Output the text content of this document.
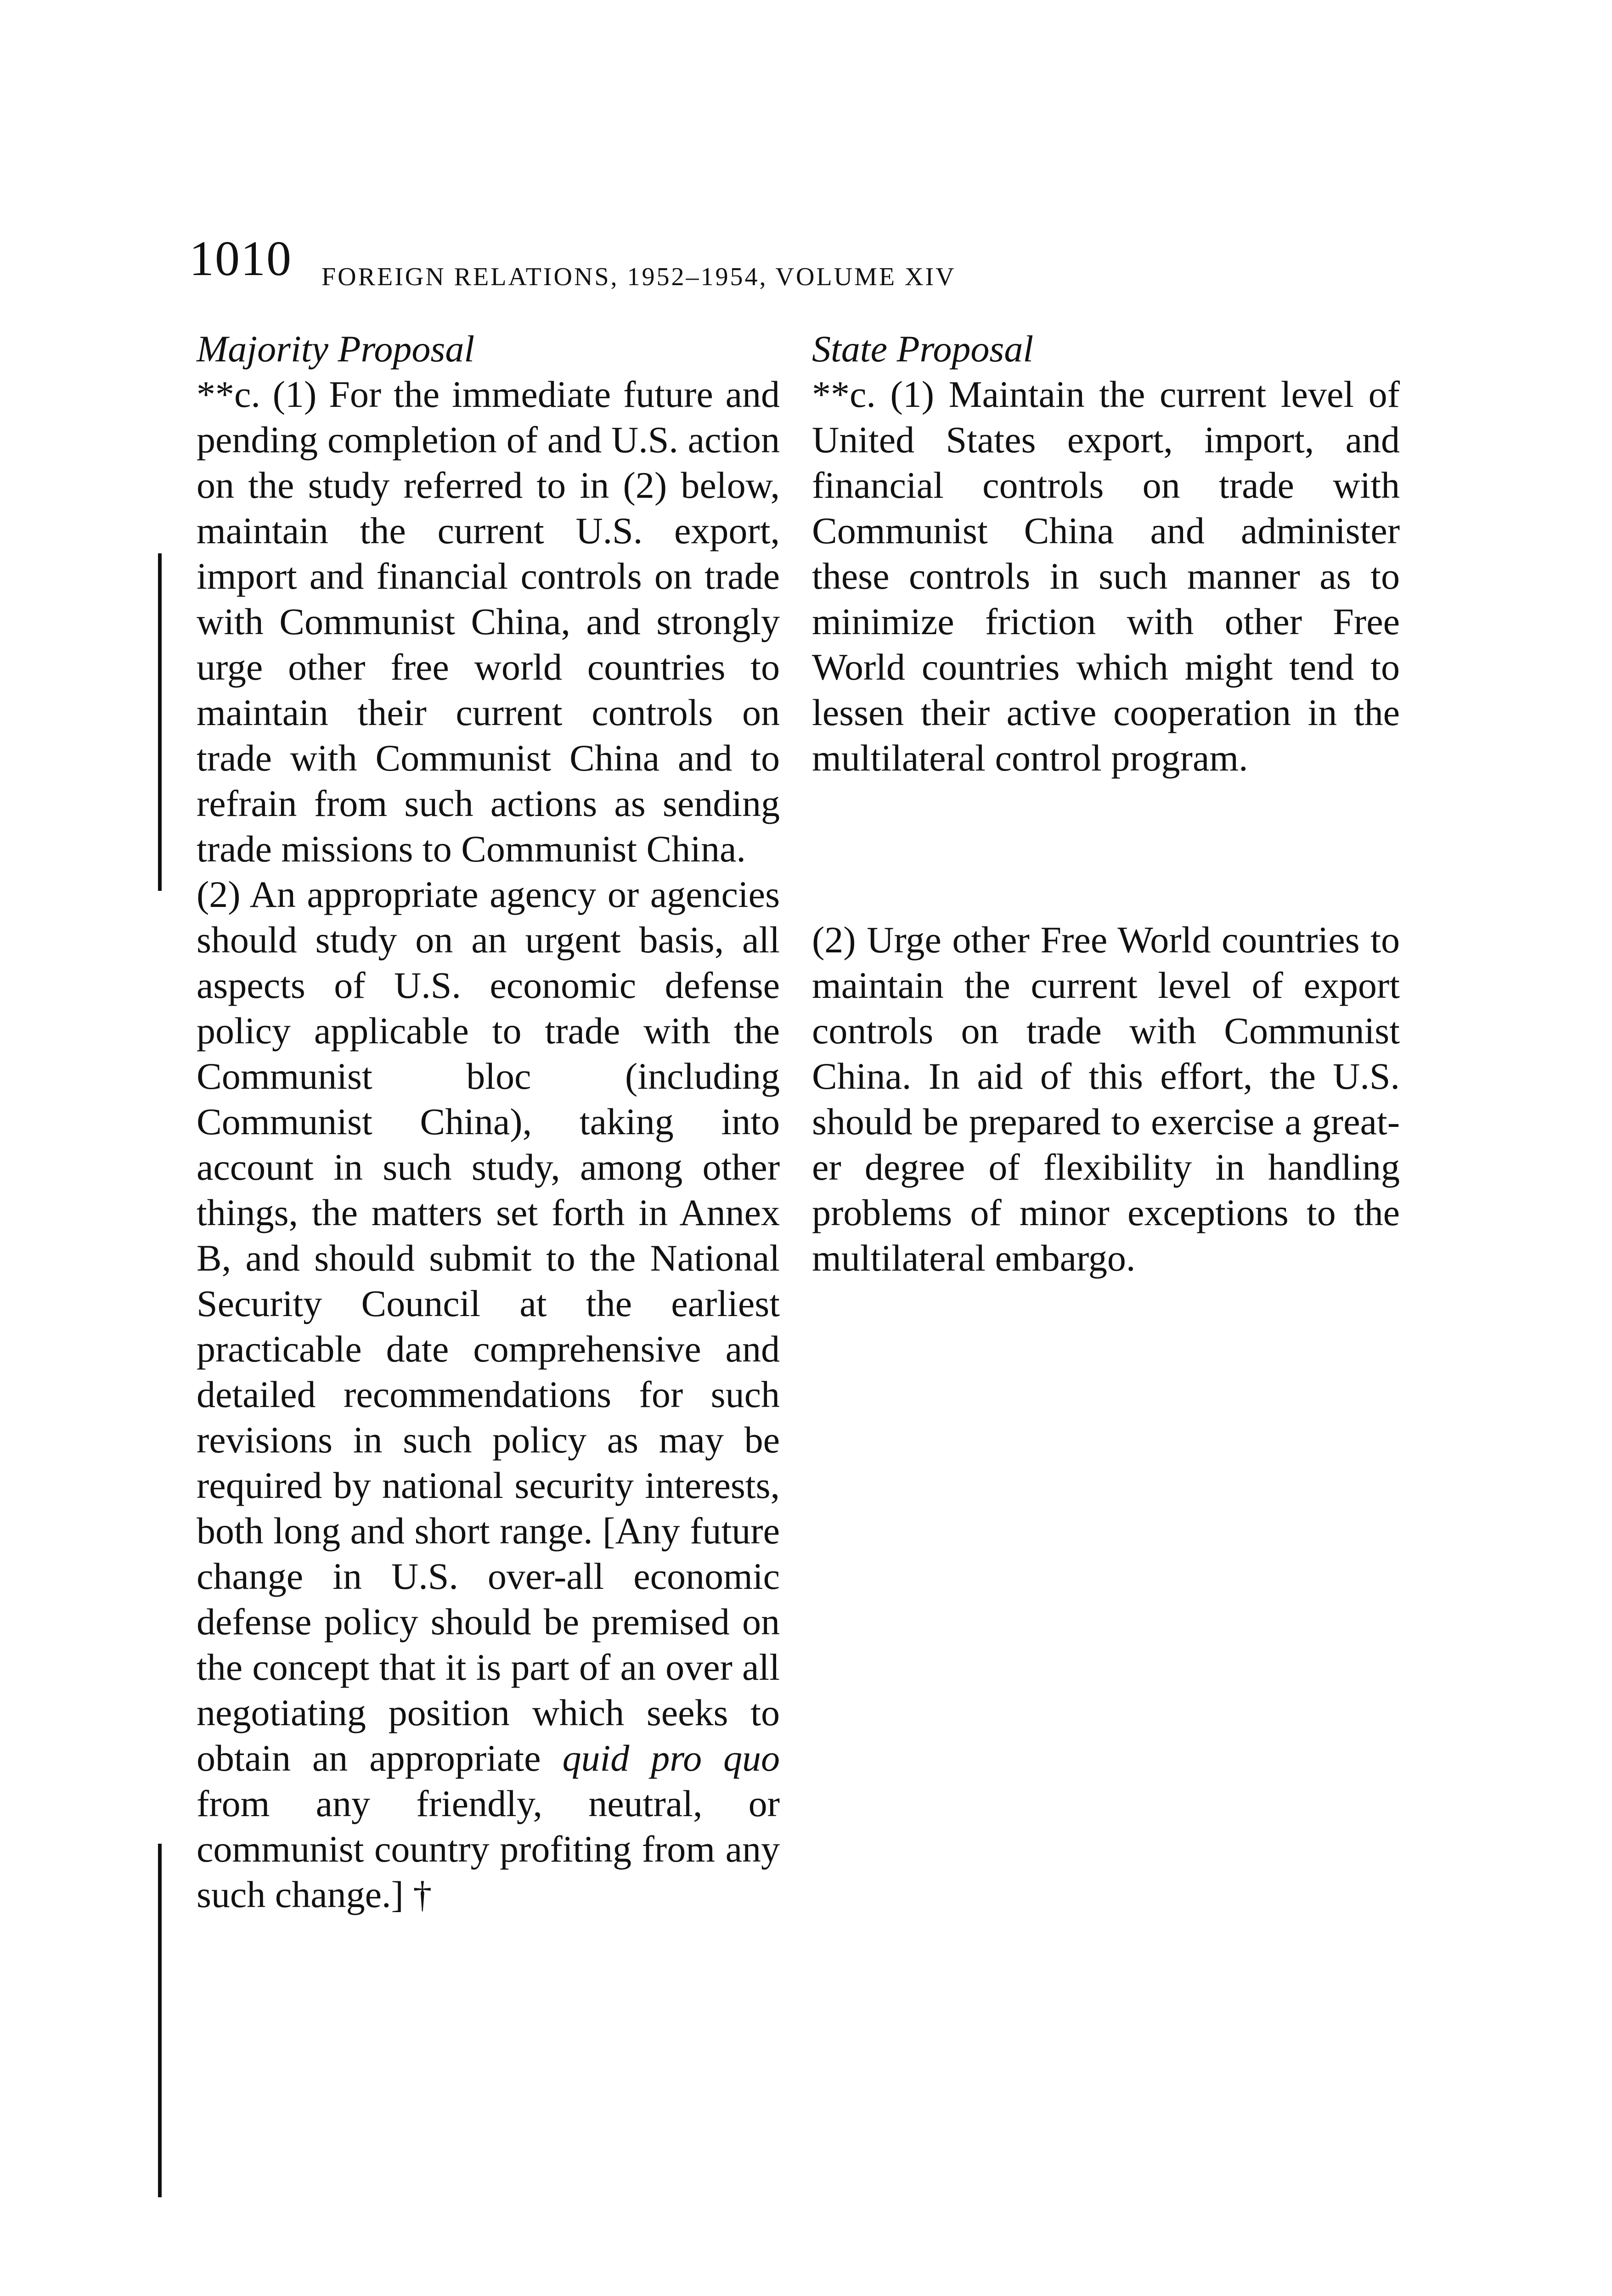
1010 FOREIGN RELATIONS, 1952–1954, VOLUME XIV
Majority Proposal

**c. (1) For the immediate future and pending completion of and U.S. action on the study referred to in (2) below, maintain the current U.S. export, import and financial controls on trade with Communist China, and strongly urge other free world countries to maintain their current controls on trade with Communist China and to refrain from such actions as sending trade missions to Communist China.

(2) An appropriate agency or agencies should study on an urgent basis, all aspects of U.S. economic defense policy applicable to trade with the Communist bloc (including Communist China), taking into account in such study, among other things, the matters set forth in Annex B, and should submit to the National Security Council at the earliest practicable date comprehensive and detailed recommendations for such revisions in such policy as may be required by national security interests, both long and short range. [Any future change in U.S. over-all economic defense policy should be premised on the concept that it is part of an over all negotiating position which seeks to obtain an appropriate quid pro quo from any friendly, neutral, or communist country profiting from any such change.] †

State Proposal

**c. (1) Maintain the current level of United States export, import, and financial controls on trade with Communist China and administer these controls in such manner as to minimize friction with other Free World countries which might tend to lessen their active cooperation in the multilateral control program.

(2) Urge other Free World countries to maintain the current level of export controls on trade with Communist China. In aid of this effort, the U.S. should be prepared to exercise a greater degree of flexibility in handling problems of minor exceptions to the multilateral embargo.
